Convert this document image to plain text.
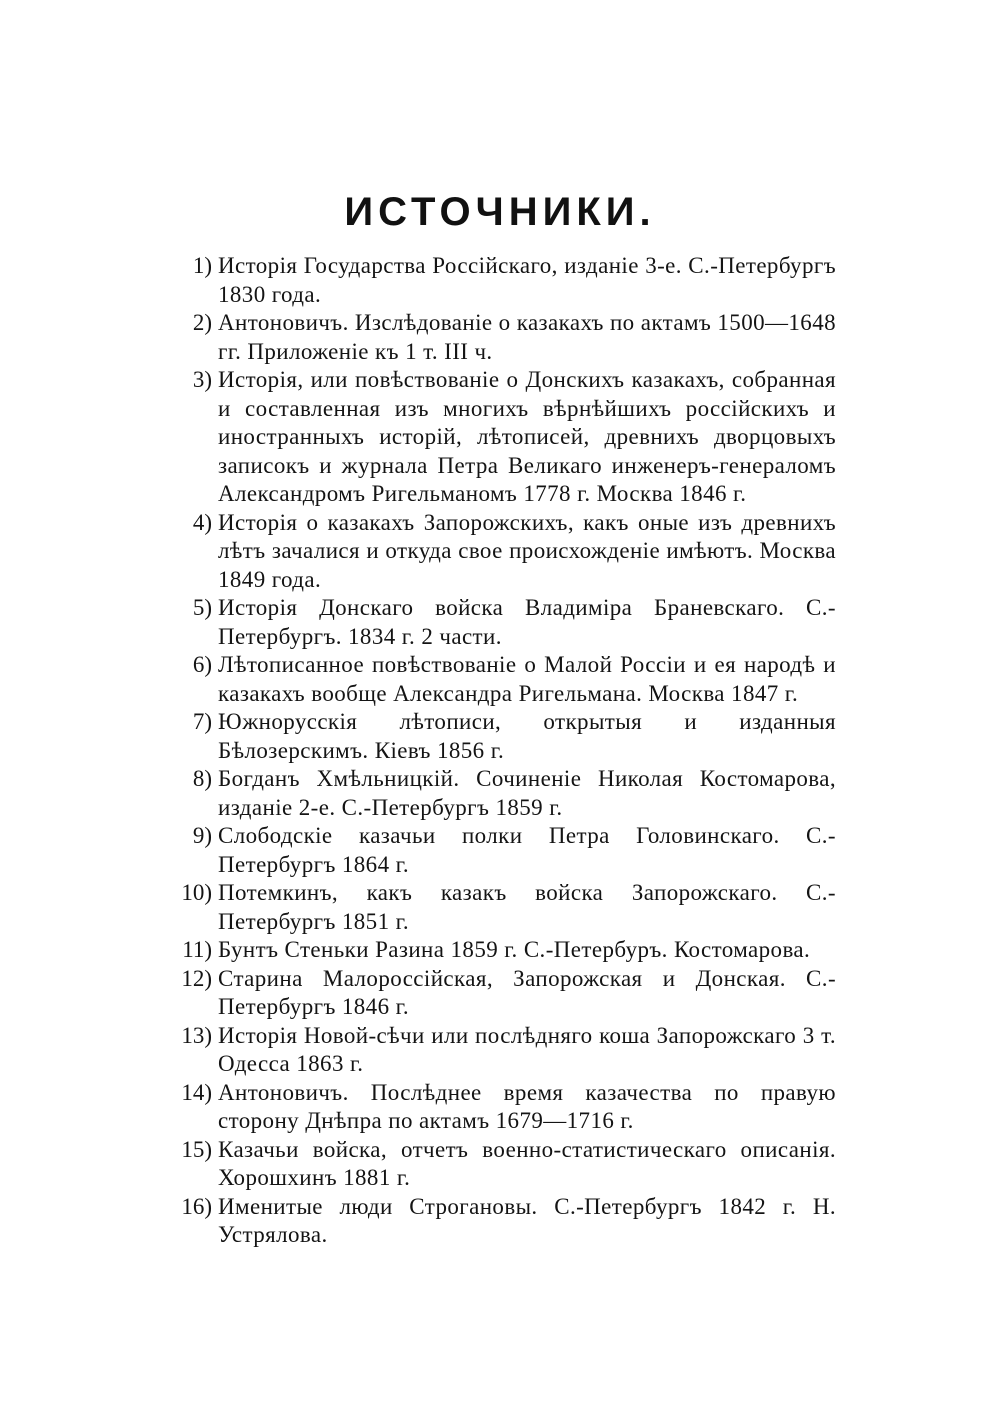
ИСТОЧНИКИ.
1) Исторія Государства Россійскаго, изданіе 3-е. С.-Петербургъ 1830 года.
2) Антоновичъ. Изслѣдованіе о казакахъ по актамъ 1500—1648 гг. Приложеніе къ 1 т. III ч.
3) Исторія, или повѣствованіе о Донскихъ казакахъ, собранная и составленная изъ многихъ вѣрнѣйшихъ россійскихъ и иностранныхъ исторій, лѣтописей, древнихъ дворцовыхъ записокъ и журнала Петра Великаго инженеръ-генераломъ Александромъ Ригельманомъ 1778 г. Москва 1846 г.
4) Исторія о казакахъ Запорожскихъ, какъ оные изъ древнихъ лѣтъ зачалися и откуда свое происхожденіе имѣютъ. Москва 1849 года.
5) Исторія Донскаго войска Владиміра Браневскаго. С.-Петербургъ. 1834 г. 2 части.
6) Лѣтописанное повѣствованіе о Малой Россіи и ея народѣ и казакахъ вообще Александра Ригельмана. Москва 1847 г.
7) Южнорусскія лѣтописи, открытыя и изданныя Бѣлозерскимъ. Кіевъ 1856 г.
8) Богданъ Хмѣльницкій. Сочиненіе Николая Костомарова, изданіе 2-е. С.-Петербургъ 1859 г.
9) Слободскіе казачьи полки Петра Головинскаго. С.-Петербургъ 1864 г.
10) Потемкинъ, какъ казакъ войска Запорожскаго. С.-Петербургъ 1851 г.
11) Бунтъ Стеньки Разина 1859 г. С.-Петербуръ. Костомарова.
12) Старина Малороссійская, Запорожская и Донская. С.-Петербургъ 1846 г.
13) Исторія Новой-сѣчи или послѣдняго коша Запорожскаго 3 т. Одесса 1863 г.
14) Антоновичъ. Послѣднее время казачества по правую сторону Днѣпра по актамъ 1679—1716 г.
15) Казачьи войска, отчетъ военно-статистическаго описанія. Хорошхинъ 1881 г.
16) Именитые люди Строгановы. С.-Петербургъ 1842 г. Н. Устрялова.
